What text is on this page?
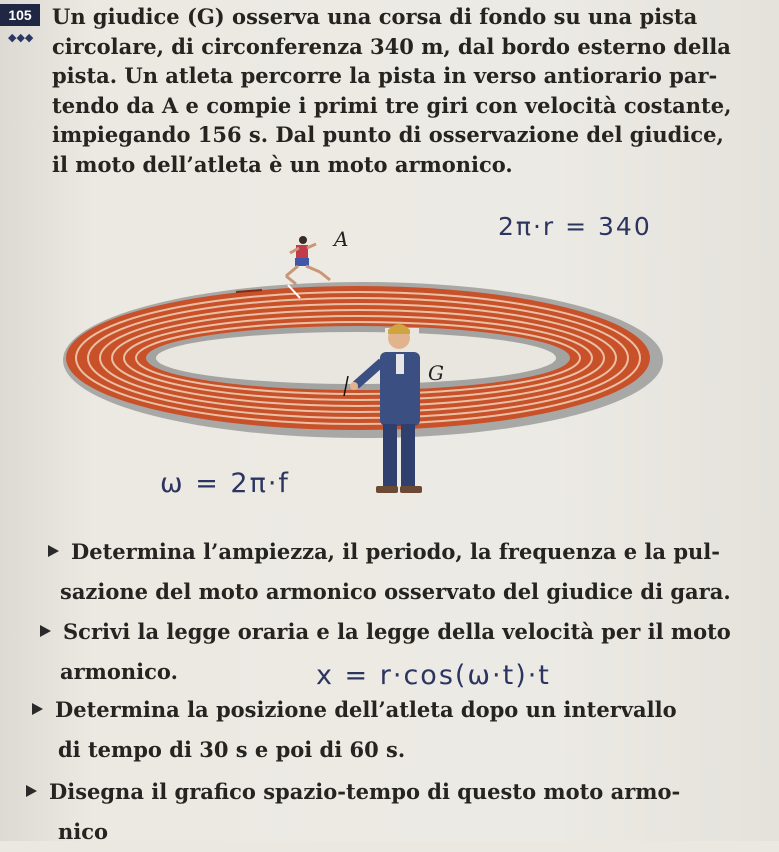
105
◆◆◆
Un giudice (G) osserva una corsa di fondo su una pista
circolare, di circonferenza 340 m, dal bordo esterno della
pista. Un atleta percorre la pista in verso antiorario par-
tendo da A e compie i primi tre giri con velocità costante,
impiegando 156 s. Dal punto di osservazione del giudice,
il moto dell’atleta è un moto armonico.
A
G
2π·r = 340
ω = 2π·f
x = r·cos(ω·t)·t
Determina l’ampiezza, il periodo, la frequenza e la pul-
sazione del moto armonico osservato del giudice di gara.
Scrivi la legge oraria e la legge della velocità per il moto
armonico.
Determina la posizione dell’atleta dopo un intervallo
di tempo di 30 s e poi di 60 s.
Disegna il grafico spazio-tempo di questo moto armo-
nico
